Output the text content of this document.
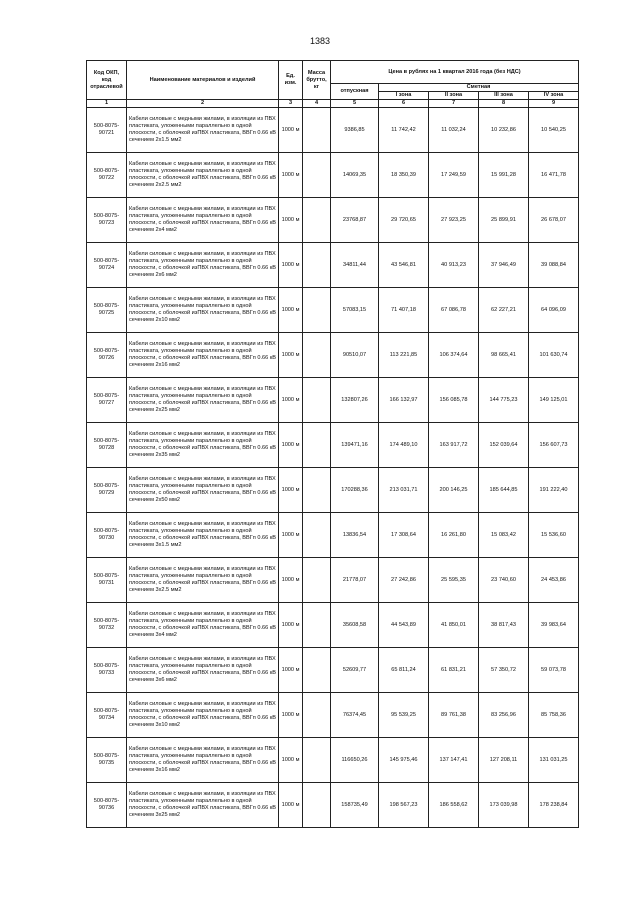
1383
Код ОКП, код отраслевой	Наименование материалов и изделий	Ед. изм.	Масса брутто, кг	Цена в рублях на 1 квартал 2016 года (без НДС)				
				отпускная	Сметная			
					I зона	II зона	III зона	IV зона
1	2	3	4	5	6	7	8	9
500-8075-90721	Кабели силовые с медными жилами, в изоляции из ПВХ пластиката, уложенными параллельно в одной плоскости, с оболочкой изПВХ пластиката, ВВГп 0.66 кВ сечением 2х1.5 мм2	1000 м		9386,85	11 742,42	11 032,24	10 232,86	10 540,25
500-8075-90722	Кабели силовые с медными жилами, в изоляции из ПВХ пластиката, уложенными параллельно в одной плоскости, с оболочкой изПВХ пластиката, ВВГп 0.66 кВ сечением 2х2.5 мм2	1000 м		14069,35	18 350,39	17 249,59	15 991,28	16 471,78
500-8075-90723	Кабели силовые с медными жилами, в изоляции из ПВХ пластиката, уложенными параллельно в одной плоскости, с оболочкой изПВХ пластиката, ВВГп 0.66 кВ сечением 2х4 мм2	1000 м		23768,87	29 720,65	27 923,25	25 899,91	26 678,07
500-8075-90724	Кабели силовые с медными жилами, в изоляции из ПВХ пластиката, уложенными параллельно в одной плоскости, с оболочкой изПВХ пластиката, ВВГп 0.66 кВ сечением 2х6 мм2	1000 м		34811,44	43 546,81	40 913,23	37 946,49	39 088,84
500-8075-90725	Кабели силовые с медными жилами, в изоляции из ПВХ пластиката, уложенными параллельно в одной плоскости, с оболочкой изПВХ пластиката, ВВГп 0.66 кВ сечением 2х10 мм2	1000 м		57083,15	71 407,18	67 086,78	62 227,21	64 096,09
500-8075-90726	Кабели силовые с медными жилами, в изоляции из ПВХ пластиката, уложенными параллельно в одной плоскости, с оболочкой изПВХ пластиката, ВВГп 0.66 кВ сечением 2х16 мм2	1000 м		90510,07	113 221,85	106 374,64	98 665,41	101 630,74
500-8075-90727	Кабели силовые с медными жилами, в изоляции из ПВХ пластиката, уложенными параллельно в одной плоскости, с оболочкой изПВХ пластиката, ВВГп 0.66 кВ сечением 2х25 мм2	1000 м		132807,26	166 132,97	156 085,78	144 775,23	149 125,01
500-8075-90728	Кабели силовые с медными жилами, в изоляции из ПВХ пластиката, уложенными параллельно в одной плоскости, с оболочкой изПВХ пластиката, ВВГп 0.66 кВ сечением 2х35 мм2	1000 м		139471,16	174 489,10	163 917,72	152 039,64	156 607,73
500-8075-90729	Кабели силовые с медными жилами, в изоляции из ПВХ пластиката, уложенными параллельно в одной плоскости, с оболочкой изПВХ пластиката, ВВГп 0.66 кВ сечением 2х50 мм2	1000 м		170288,36	213 031,71	200 146,25	185 644,85	191 222,40
500-8075-90730	Кабели силовые с медными жилами, в изоляции из ПВХ пластиката, уложенными параллельно в одной плоскости, с оболочкой изПВХ пластиката, ВВГп 0.66 кВ сечением 3х1.5 мм2	1000 м		13836,54	17 308,64	16 261,80	15 083,42	15 536,60
500-8075-90731	Кабели силовые с медными жилами, в изоляции из ПВХ пластиката, уложенными параллельно в одной плоскости, с оболочкой изПВХ пластиката, ВВГп 0.66 кВ сечением 3х2.5 мм2	1000 м		21778,07	27 242,86	25 595,35	23 740,60	24 453,86
500-8075-90732	Кабели силовые с медными жилами, в изоляции из ПВХ пластиката, уложенными параллельно в одной плоскости, с оболочкой изПВХ пластиката, ВВГп 0.66 кВ сечением 3х4 мм2	1000 м		35608,58	44 543,89	41 850,01	38 817,43	39 983,64
500-8075-90733	Кабели силовые с медными жилами, в изоляции из ПВХ пластиката, уложенными параллельно в одной плоскости, с оболочкой изПВХ пластиката, ВВГп 0.66 кВ сечением 3х6 мм2	1000 м		52609,77	65 811,24	61 831,21	57 350,72	59 073,78
500-8075-90734	Кабели силовые с медными жилами, в изоляции из ПВХ пластиката, уложенными параллельно в одной плоскости, с оболочкой изПВХ пластиката, ВВГп 0.66 кВ сечением 3х10 мм2	1000 м		76374,45	95 539,25	89 761,38	83 256,96	85 758,36
500-8075-90735	Кабели силовые с медными жилами, в изоляции из ПВХ пластиката, уложенными параллельно в одной плоскости, с оболочкой изПВХ пластиката, ВВГп 0.66 кВ сечением 3х16 мм2	1000 м		116650,26	145 975,46	137 147,41	127 208,11	131 031,25
500-8075-90736	Кабели силовые с медными жилами, в изоляции из ПВХ пластиката, уложенными параллельно в одной плоскости, с оболочкой изПВХ пластиката, ВВГп 0.66 кВ сечением 3х25 мм2	1000 м		158735,49	198 567,23	186 558,62	173 039,98	178 238,84
